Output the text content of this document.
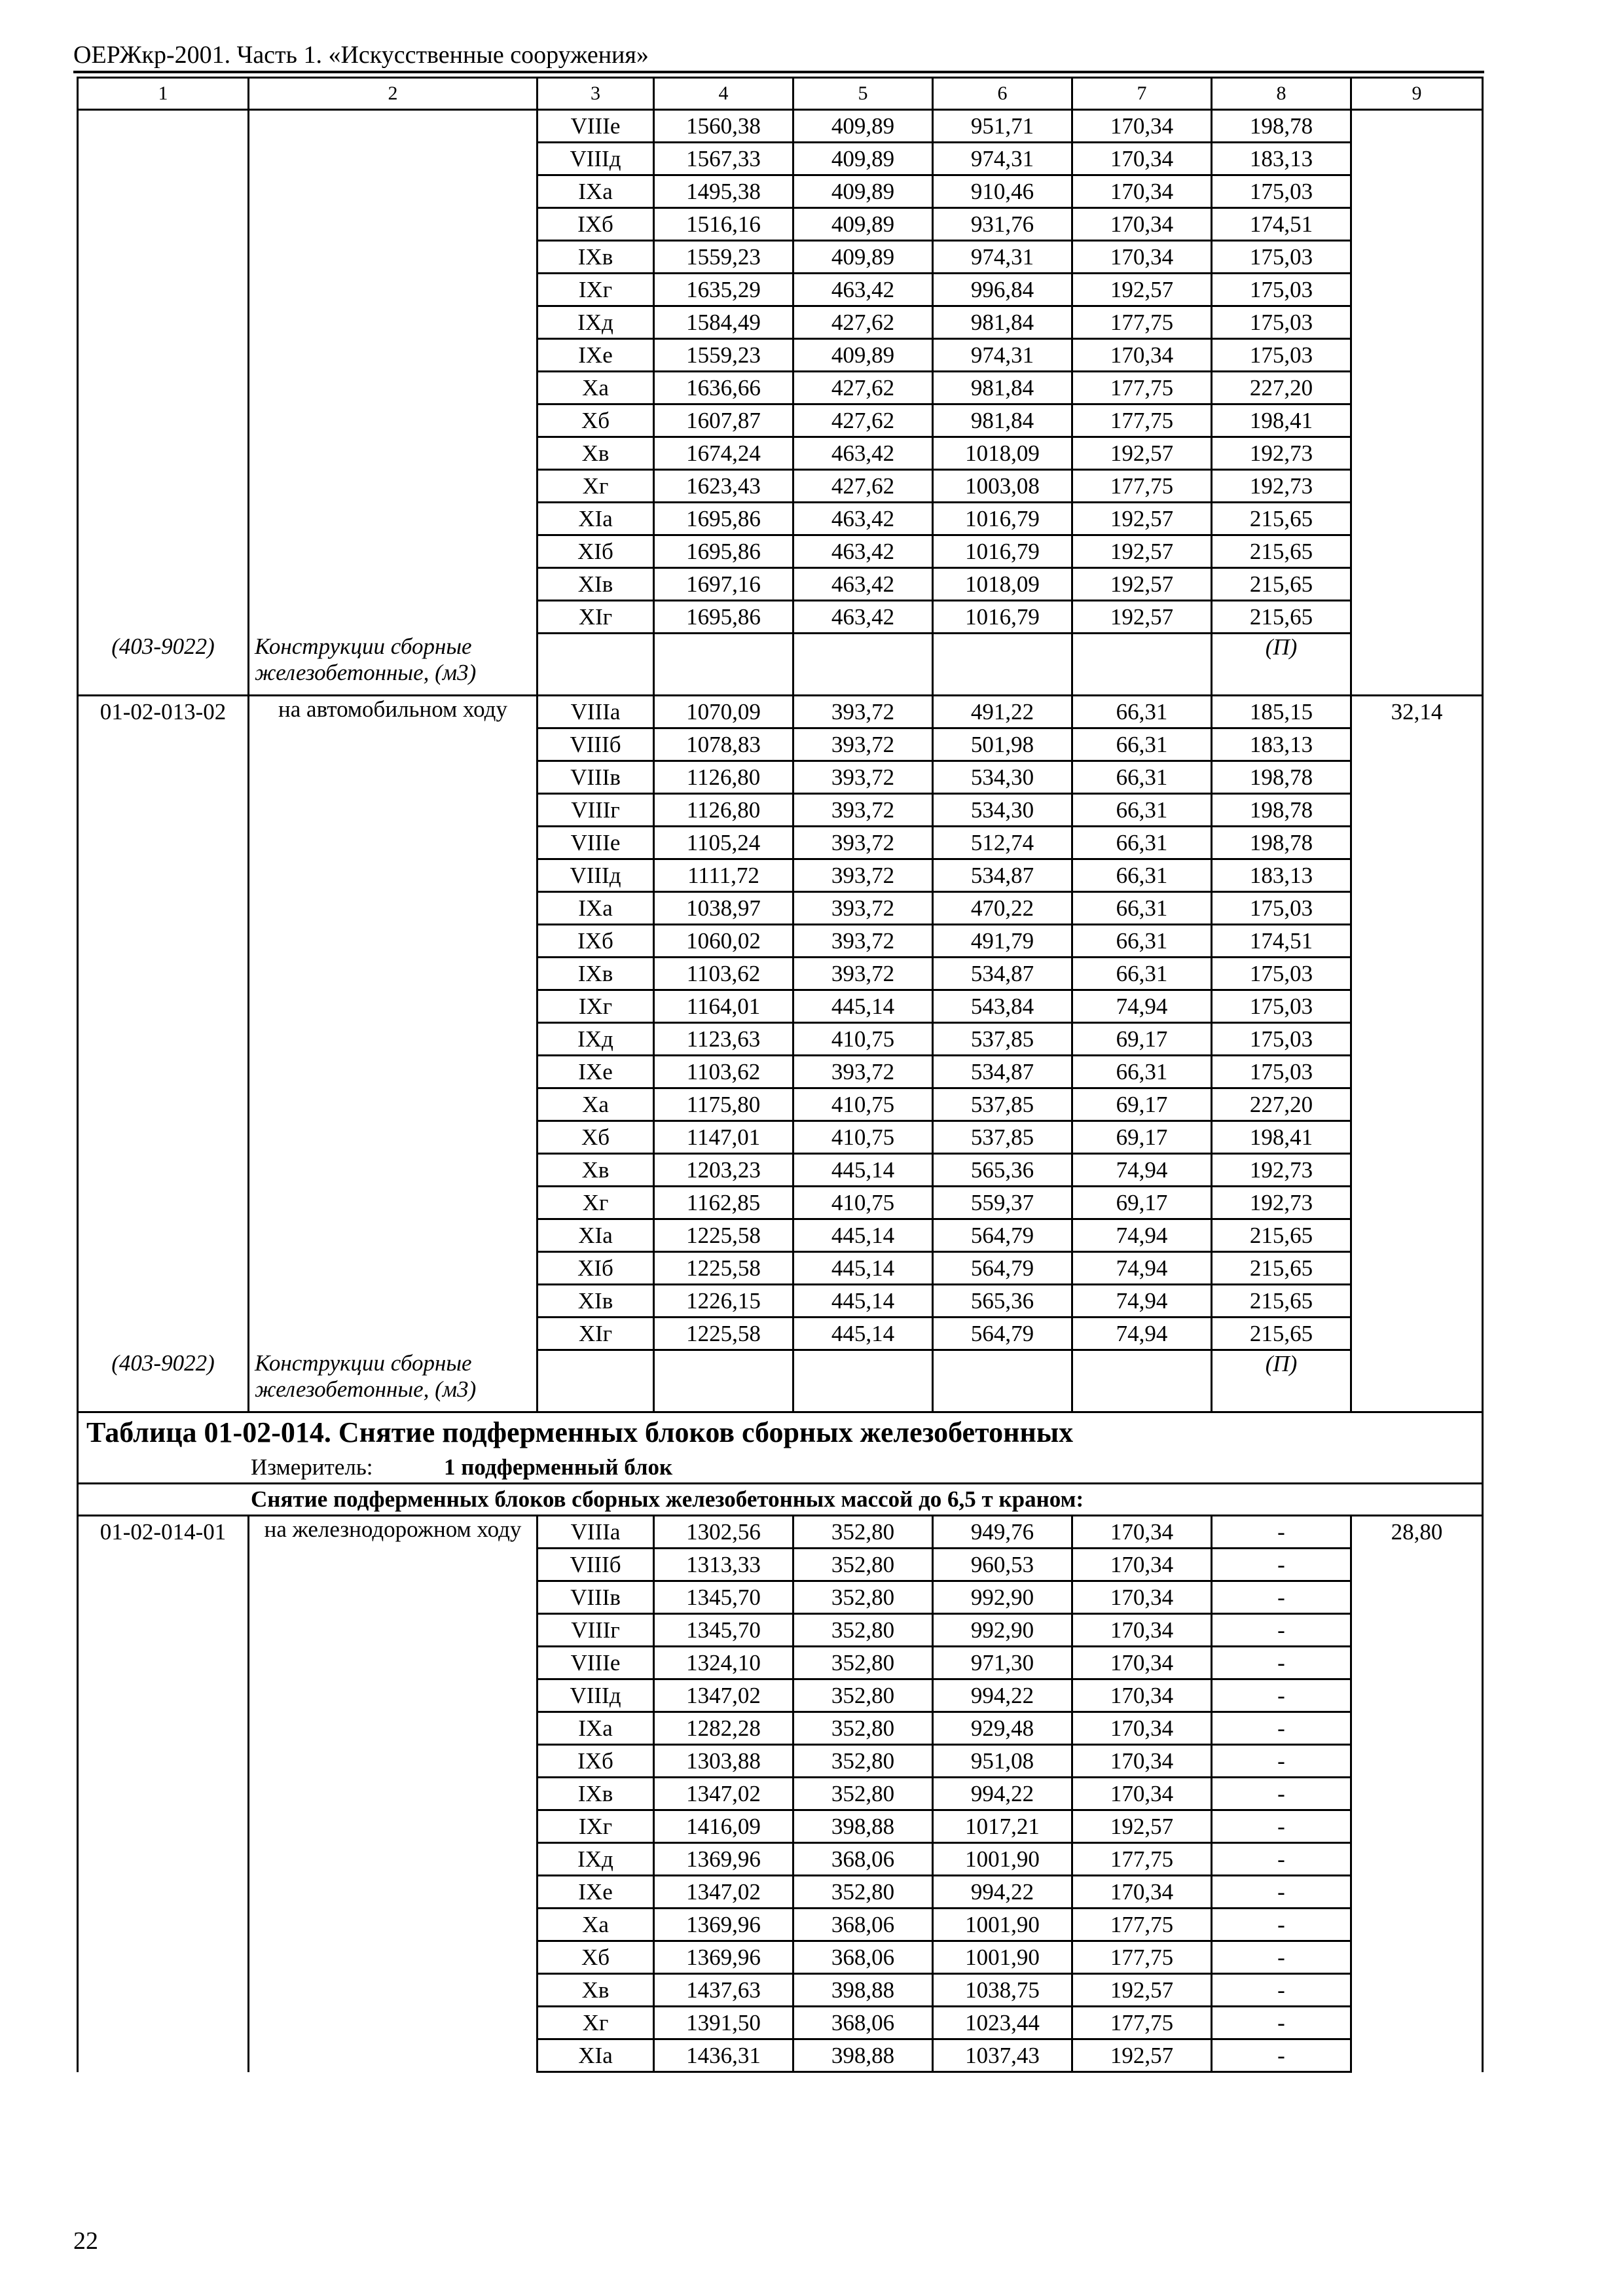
ОЕРЖкр-2001. Часть 1. «Искусственные сооружения»
1	2	3	4	5	6	7	8	9
		VIIIе	1560,38	409,89	951,71	170,34	198,78	
		VIIIд	1567,33	409,89	974,31	170,34	183,13	
		IXа	1495,38	409,89	910,46	170,34	175,03	
		IXб	1516,16	409,89	931,76	170,34	174,51	
		IXв	1559,23	409,89	974,31	170,34	175,03	
		IXг	1635,29	463,42	996,84	192,57	175,03	
		IXд	1584,49	427,62	981,84	177,75	175,03	
		IXе	1559,23	409,89	974,31	170,34	175,03	
		Xа	1636,66	427,62	981,84	177,75	227,20	
		Xб	1607,87	427,62	981,84	177,75	198,41	
		Xв	1674,24	463,42	1018,09	192,57	192,73	
		Xг	1623,43	427,62	1003,08	177,75	192,73	
		XIа	1695,86	463,42	1016,79	192,57	215,65	
		XIб	1695,86	463,42	1016,79	192,57	215,65	
		XIв	1697,16	463,42	1018,09	192,57	215,65	
		XIг	1695,86	463,42	1016,79	192,57	215,65	
(403-9022)	Конструкции сборные железобетонные, (м3)						(П)	
01-02-013-02	на автомобильном ходу	VIIIа	1070,09	393,72	491,22	66,31	185,15	32,14
		VIIIб	1078,83	393,72	501,98	66,31	183,13	
		VIIIв	1126,80	393,72	534,30	66,31	198,78	
		VIIIг	1126,80	393,72	534,30	66,31	198,78	
		VIIIе	1105,24	393,72	512,74	66,31	198,78	
		VIIIд	1111,72	393,72	534,87	66,31	183,13	
		IXа	1038,97	393,72	470,22	66,31	175,03	
		IXб	1060,02	393,72	491,79	66,31	174,51	
		IXв	1103,62	393,72	534,87	66,31	175,03	
		IXг	1164,01	445,14	543,84	74,94	175,03	
		IXд	1123,63	410,75	537,85	69,17	175,03	
		IXе	1103,62	393,72	534,87	66,31	175,03	
		Xа	1175,80	410,75	537,85	69,17	227,20	
		Xб	1147,01	410,75	537,85	69,17	198,41	
		Xв	1203,23	445,14	565,36	74,94	192,73	
		Xг	1162,85	410,75	559,37	69,17	192,73	
		XIа	1225,58	445,14	564,79	74,94	215,65	
		XIб	1225,58	445,14	564,79	74,94	215,65	
		XIв	1226,15	445,14	565,36	74,94	215,65	
		XIг	1225,58	445,14	564,79	74,94	215,65	
(403-9022)	Конструкции сборные железобетонные, (м3)						(П)	
Таблица 01-02-014. Снятие подферменных блоков сборных железобетонных								
Измеритель: 1 подферменный блок								
Снятие подферменных блоков сборных железобетонных массой до 6,5 т краном:								
01-02-014-01	на железнодорожном ходу	VIIIа	1302,56	352,80	949,76	170,34	-	28,80
		VIIIб	1313,33	352,80	960,53	170,34	-	
		VIIIв	1345,70	352,80	992,90	170,34	-	
		VIIIг	1345,70	352,80	992,90	170,34	-	
		VIIIе	1324,10	352,80	971,30	170,34	-	
		VIIIд	1347,02	352,80	994,22	170,34	-	
		IXа	1282,28	352,80	929,48	170,34	-	
		IXб	1303,88	352,80	951,08	170,34	-	
		IXв	1347,02	352,80	994,22	170,34	-	
		IXг	1416,09	398,88	1017,21	192,57	-	
		IXд	1369,96	368,06	1001,90	177,75	-	
		IXе	1347,02	352,80	994,22	170,34	-	
		Xа	1369,96	368,06	1001,90	177,75	-	
		Xб	1369,96	368,06	1001,90	177,75	-	
		Xв	1437,63	398,88	1038,75	192,57	-	
		Xг	1391,50	368,06	1023,44	177,75	-	
		XIа	1436,31	398,88	1037,43	192,57	-	
22
